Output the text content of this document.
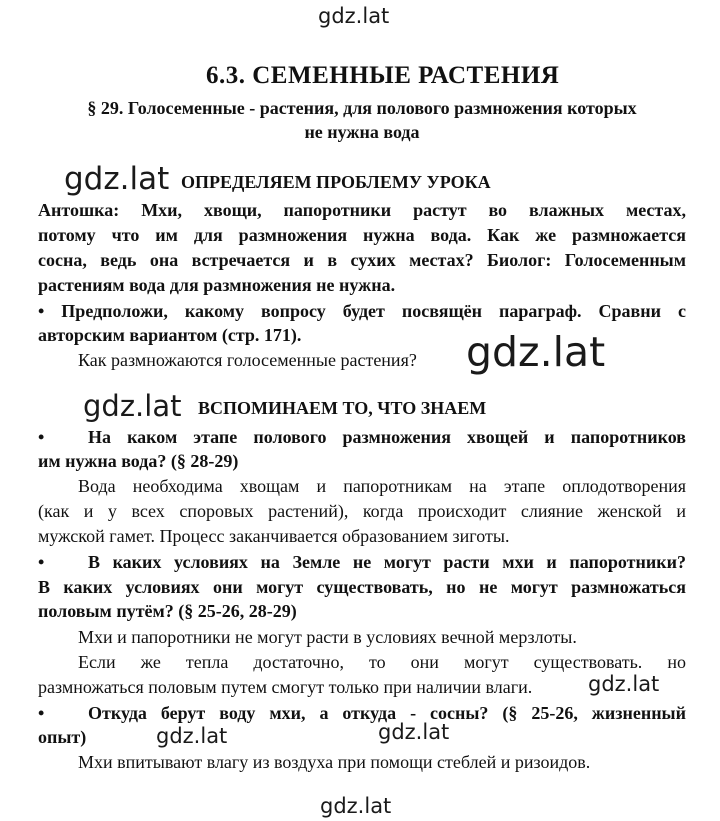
gdz.lat
gdz.lat
gdz.lat
gdz.lat	gdz.lat
gdz.lat
6.3. СЕМЕННЫЕ РАСТЕНИЯ
§ 29. Голосеменные - растения, для полового размножения которых
не нужна вода
gdz.lat ОПРЕДЕЛЯЕМ ПРОБЛЕМУ УРОКА
Антошка: Мхи, хвощи, папоротники растут во влажных местах,
потому что им для размножения нужна вода. Как же размножается
сосна, ведь она встречается и в сухих местах? Биолог: Голосеменным
растениям вода для размножения не нужна.
• Предположи, какому вопросу будет посвящён параграф. Сравни с
авторским вариантом (стр. 171).
Как размножаются голосеменные растения?
gdz.lat ВСПОМИНАЕМ ТО, ЧТО ЗНАЕМ
• На каком этапе полового размножения хвощей и папоротников
им нужна вода? (§ 28-29)
Вода необходима хвощам и папоротникам на этапе оплодотворения
(как и у всех споровых растений), когда происходит слияние женской и
мужской гамет. Процесс заканчивается образованием зиготы.
• В каких условиях на Земле не могут расти мхи и папоротники?
В каких условиях они могут существовать, но не могут размножаться
половым путём? (§ 25-26, 28-29)
Мхи и папоротники не могут расти в условиях вечной мерзлоты.
Если же тепла достаточно, то они могут существовать. но
размножаться половым путем смогут только при наличии влаги.
• Откуда берут воду мхи, а откуда - сосны? (§ 25-26, жизненный
опыт)
Мхи впитывают влагу из воздуха при помощи стеблей и ризоидов.
